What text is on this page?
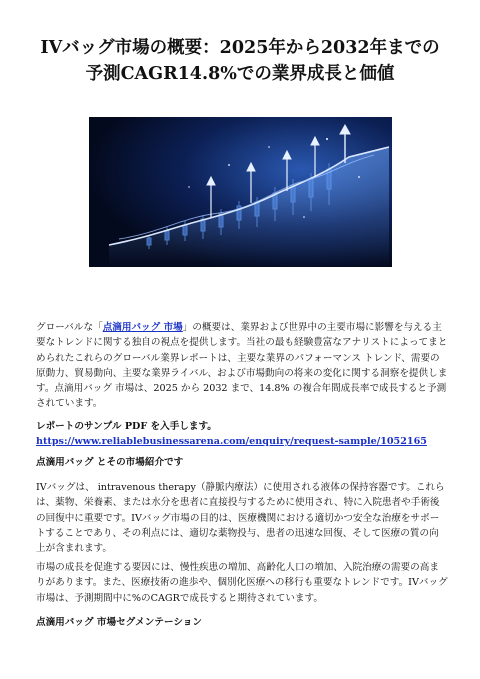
IVバッグ市場の概要：2025年から2032年までの
予測CAGR14.8%での業界成長と価値

グローバルな「点滴用バッグ 市場」の概要は、業界および世界中の主要市場に影響を与える主要なトレンドに関する独自の視点を提供します。当社の最も経験豊富なアナリストによってまとめられたこれらのグローバル業界レポートは、主要な業界のパフォーマンス トレンド、需要の原動力、貿易動向、主要な業界ライバル、および市場動向の将来の変化に関する洞察を提供します。点滴用バッグ 市場は、2025 から 2032 まで、14.8% の複合年間成長率で成長すると予測されています。

レポートのサンプル PDF を入手します。https://www.reliablebusinessarena.com/enquiry/request-sample/1052165

点滴用バッグ とその市場紹介です
IVバッグは、 intravenous therapy（静脈内療法）に使用される液体の保持容器です。これらは、薬物、栄養素、または水分を患者に直接投与するために使用され、特に入院患者や手術後の回復中に重要です。IVバッグ市場の目的は、医療機関における適切かつ安全な治療をサポートすることであり、その利点には、適切な薬物投与、患者の迅速な回復、そして医療の質の向上が含まれます。
市場の成長を促進する要因には、慢性疾患の増加、高齢化人口の増加、入院治療の需要の高まりがあります。また、医療技術の進歩や、個別化医療への移行も重要なトレンドです。IVバッグ市場は、予測期間中に%のCAGRで成長すると期待されています。
点滴用バッグ 市場セグメンテーション
